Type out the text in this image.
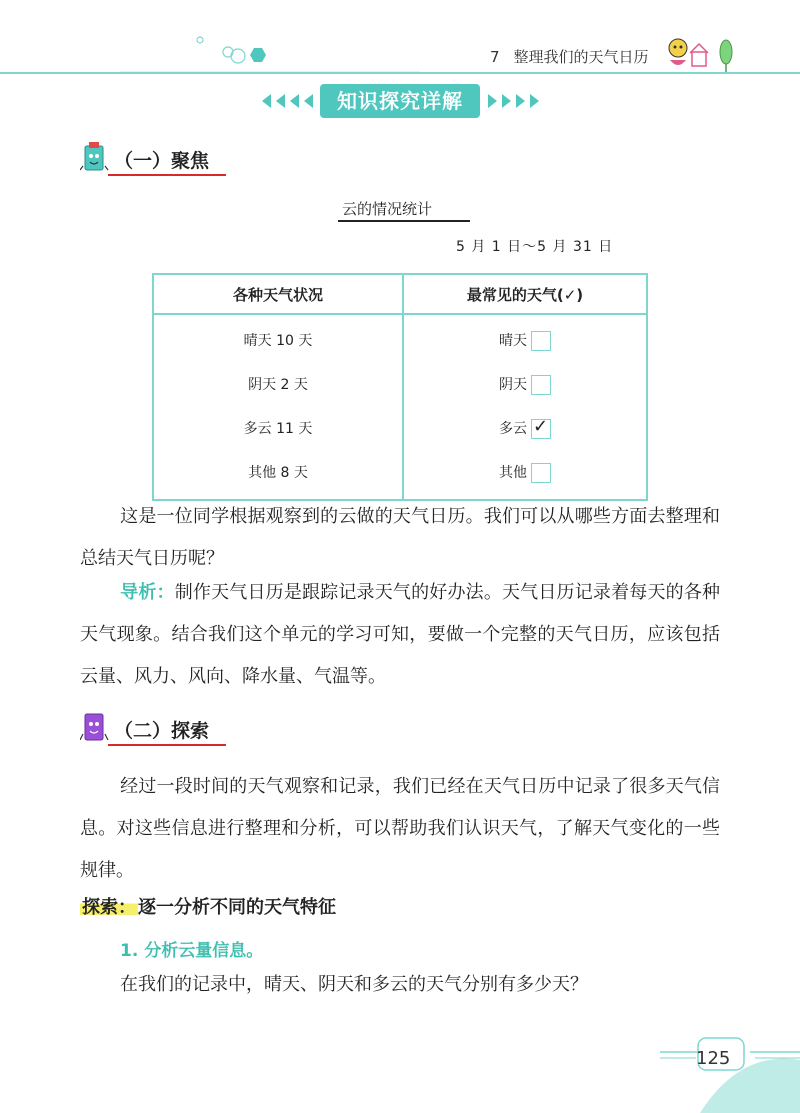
7 整理我们的天气日历
知识探究详解
（一）聚焦
云的情况统计
5 月 1 日～5 月 31 日
各种天气状况	最常见的天气(✓)
晴天 10 天	晴天
阴天 2 天	阴天
多云 11 天	多云 ✓

其他 8 天	其他
这是一位同学根据观察到的云做的天气日历。我们可以从哪些方面去整理和总结天气日历呢？
导析：制作天气日历是跟踪记录天气的好办法。天气日历记录着每天的各种天气现象。结合我们这个单元的学习可知，要做一个完整的天气日历，应该包括云量、风力、风向、降水量、气温等。
（二）探索
经过一段时间的天气观察和记录，我们已经在天气日历中记录了很多天气信息。对这些信息进行整理和分析，可以帮助我们认识天气，了解天气变化的一些规律。
探索： 逐一分析不同的天气特征
1. 分析云量信息。
在我们的记录中，晴天、阴天和多云的天气分别有多少天？
125
